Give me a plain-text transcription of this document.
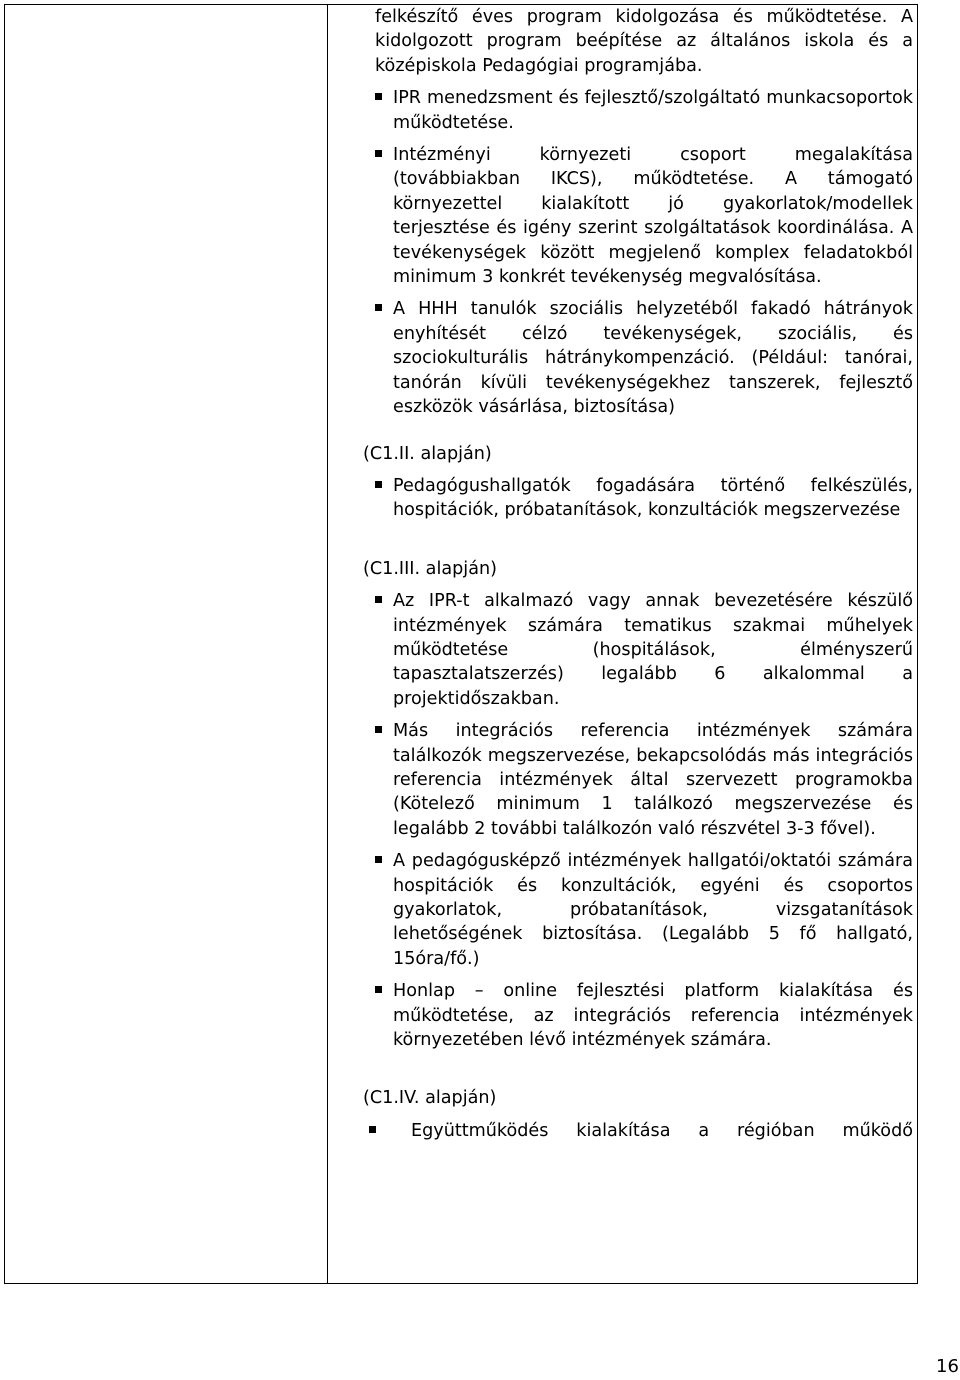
felkészítő éves program kidolgozása és működtetése. A kidolgozott program beépítése az általános iskola és a középiskola Pedagógiai programjába.
IPR menedzsment és fejlesztő/szolgáltató munkacsoportok működtetése.
Intézményi környezeti csoport megalakítása (továbbiakban IKCS), működtetése. A támogató környezettel kialakított jó gyakorlatok/modellek terjesztése és igény szerint szolgáltatások koordinálása. A tevékenységek között megjelenő komplex feladatokból minimum 3 konkrét tevékenység megvalósítása.
A HHH tanulók szociális helyzetéből fakadó hátrányok enyhítését célzó tevékenységek, szociális, és szociokulturális hátránykompenzáció. (Például: tanórai, tanórán kívüli tevékenységekhez tanszerek, fejlesztő eszközök vásárlása, biztosítása)
(C1.II. alapján)
Pedagógushallgatók fogadására történő felkészülés, hospitációk, próbatanítások, konzultációk megszervezése
(C1.III. alapján)
Az IPR-t alkalmazó vagy annak bevezetésére készülő intézmények számára tematikus szakmai műhelyek működtetése (hospitálások, élményszerű tapasztalatszerzés) legalább 6 alkalommal a projektidőszakban.
Más integrációs referencia intézmények számára találkozók megszervezése, bekapcsolódás más integrációs referencia intézmények által szervezett programokba (Kötelező minimum 1 találkozó megszervezése és legalább 2 további találkozón való részvétel 3-3 fővel).
A pedagógusképző intézmények hallgatói/oktatói számára hospitációk és konzultációk, egyéni és csoportos gyakorlatok, próbatanítások, vizsgatanítások lehetőségének biztosítása. (Legalább 5 fő hallgató, 15óra/fő.)
Honlap – online fejlesztési platform kialakítása és működtetése, az integrációs referencia intézmények környezetében lévő intézmények számára.
(C1.IV. alapján)
Együttműködés kialakítása a régióban működő
16
